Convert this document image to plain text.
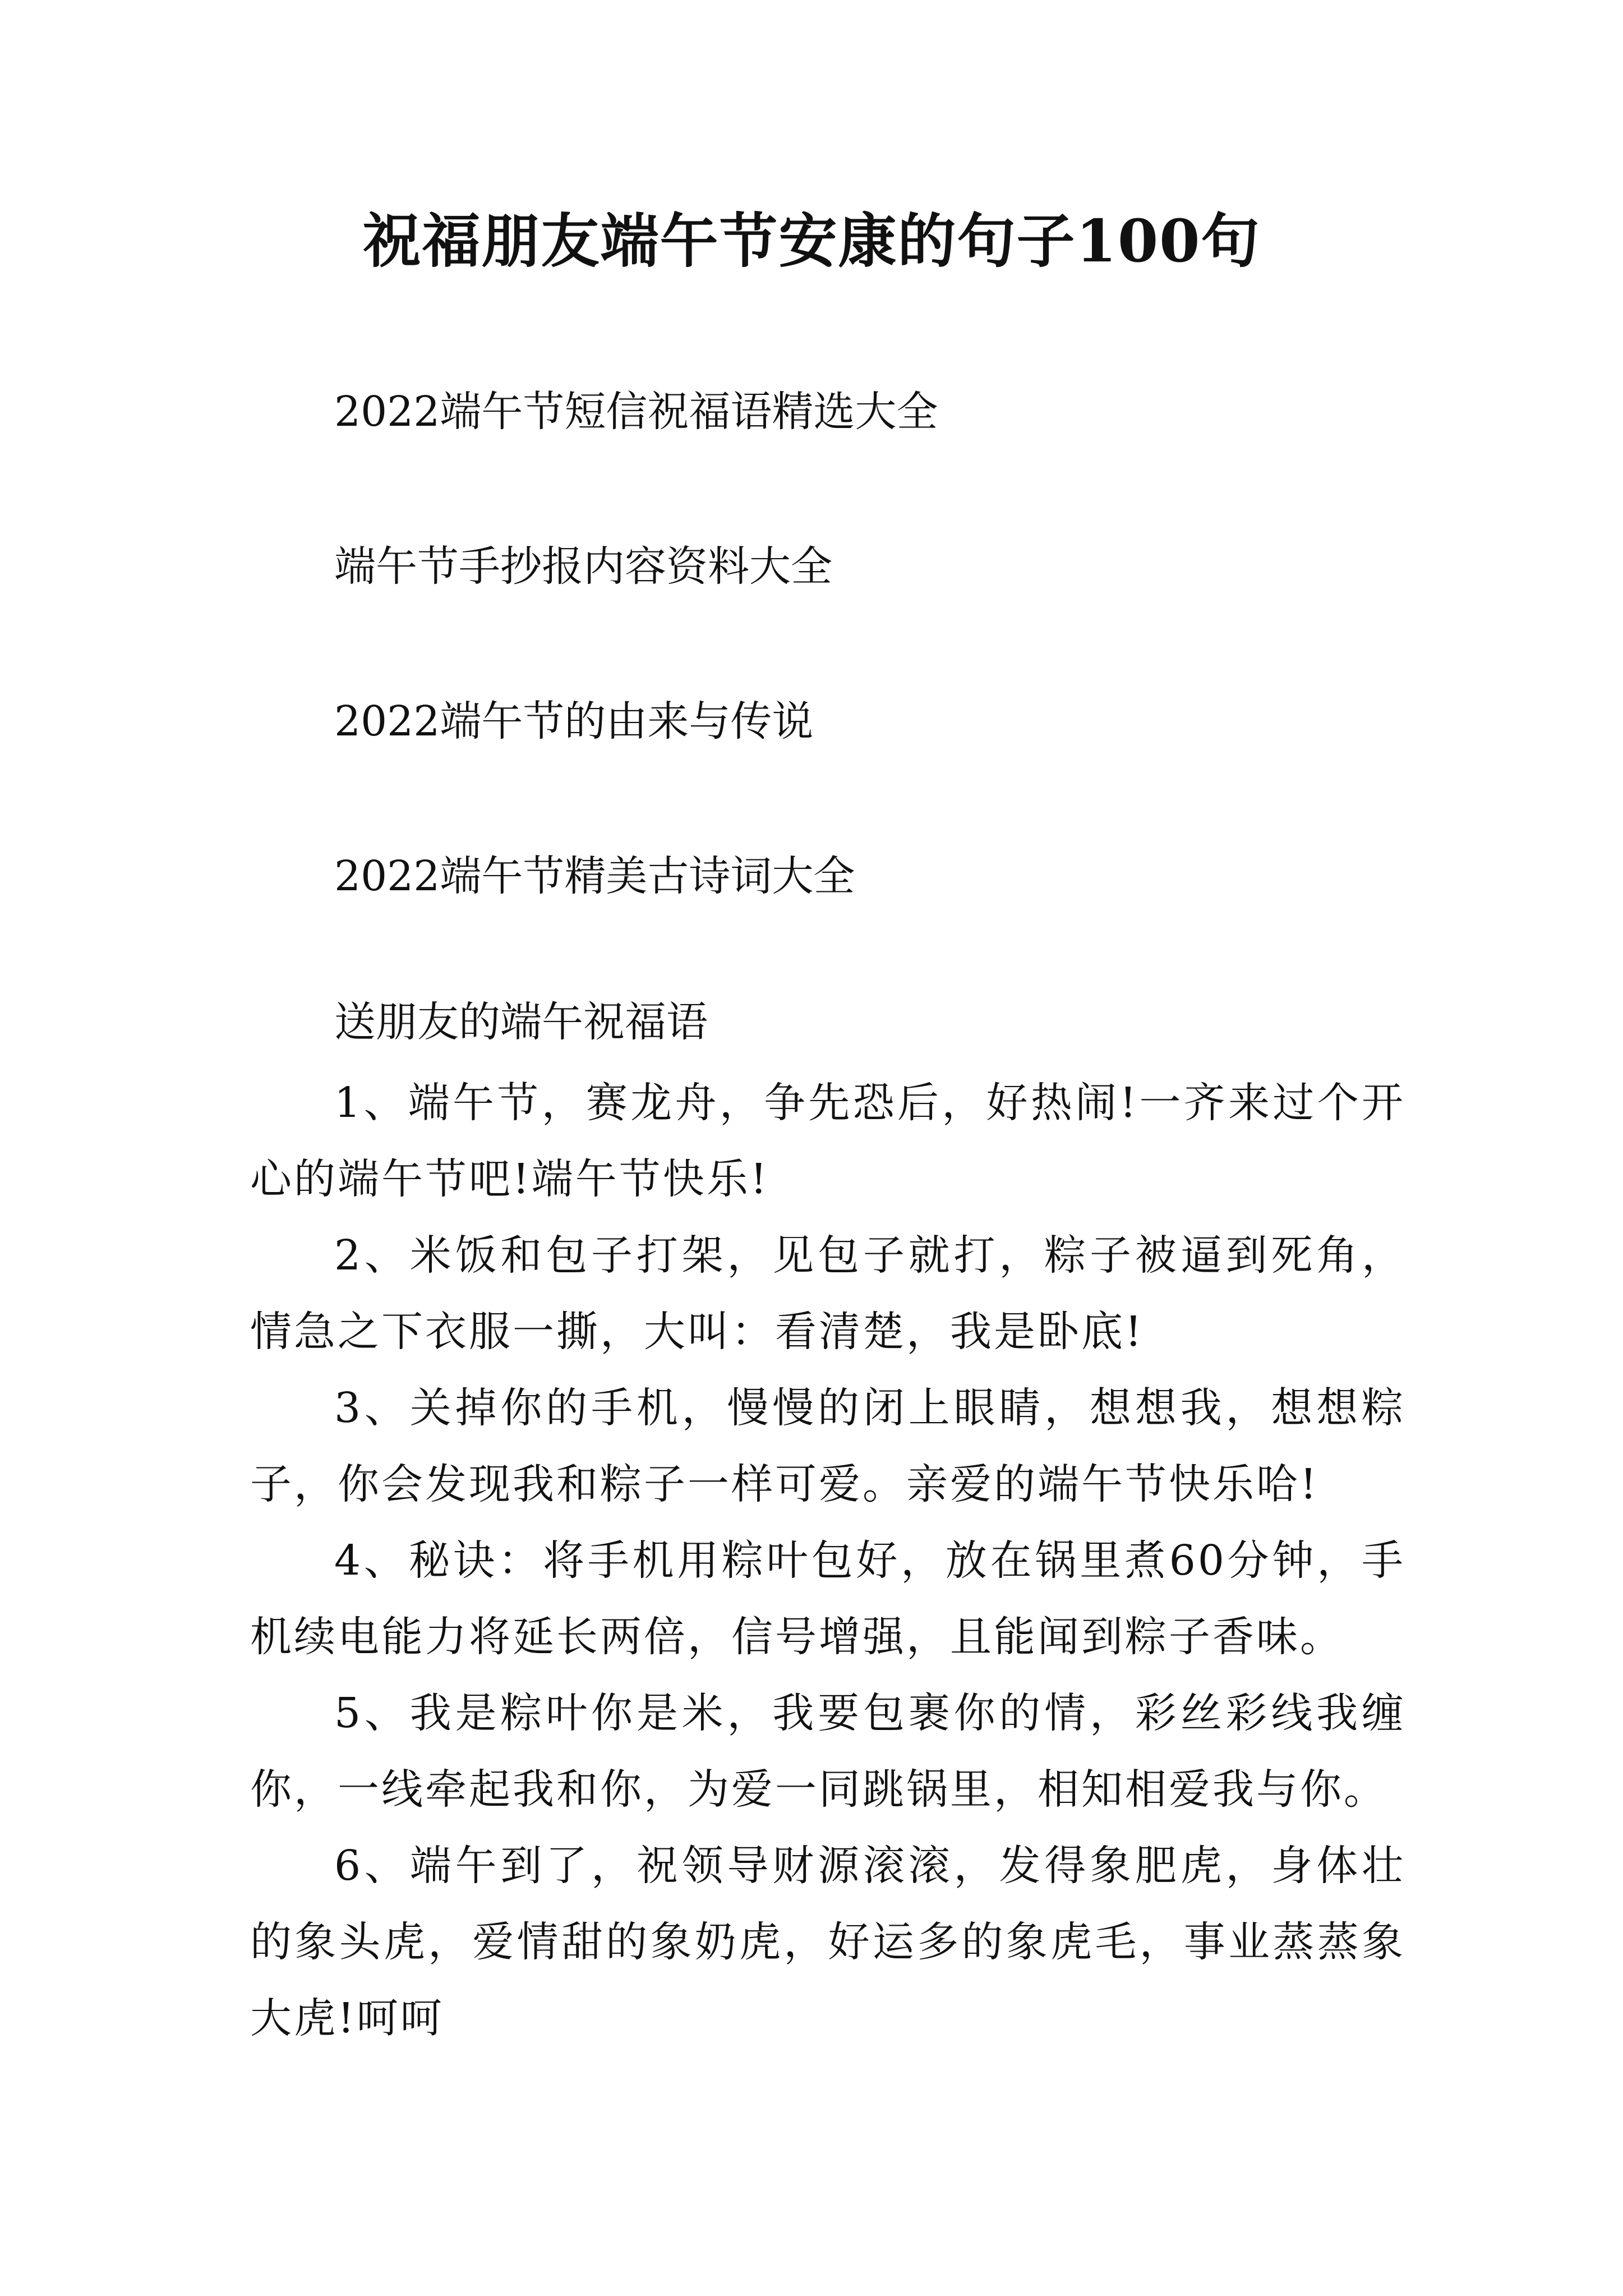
祝福朋友端午节安康的句子100句
2022端午节短信祝福语精选大全
端午节手抄报内容资料大全
2022端午节的由来与传说
2022端午节精美古诗词大全
送朋友的端午祝福语

1、端午节，赛龙舟，争先恐后，好热闹!一齐来过个开心的端午节吧!端午节快乐!

2、米饭和包子打架，见包子就打，粽子被逼到死角，情急之下衣服一撕，大叫：看清楚，我是卧底!

3、关掉你的手机，慢慢的闭上眼睛，想想我，想想粽子，你会发现我和粽子一样可爱。亲爱的端午节快乐哈!

4、秘诀：将手机用粽叶包好，放在锅里煮60分钟，手机续电能力将延长两倍，信号增强，且能闻到粽子香味。

5、我是粽叶你是米，我要包裹你的情，彩丝彩线我缠你，一线牵起我和你，为爱一同跳锅里，相知相爱我与你。

6、端午到了，祝领导财源滚滚，发得象肥虎，身体壮的象头虎，爱情甜的象奶虎，好运多的象虎毛，事业蒸蒸象大虎!呵呵
